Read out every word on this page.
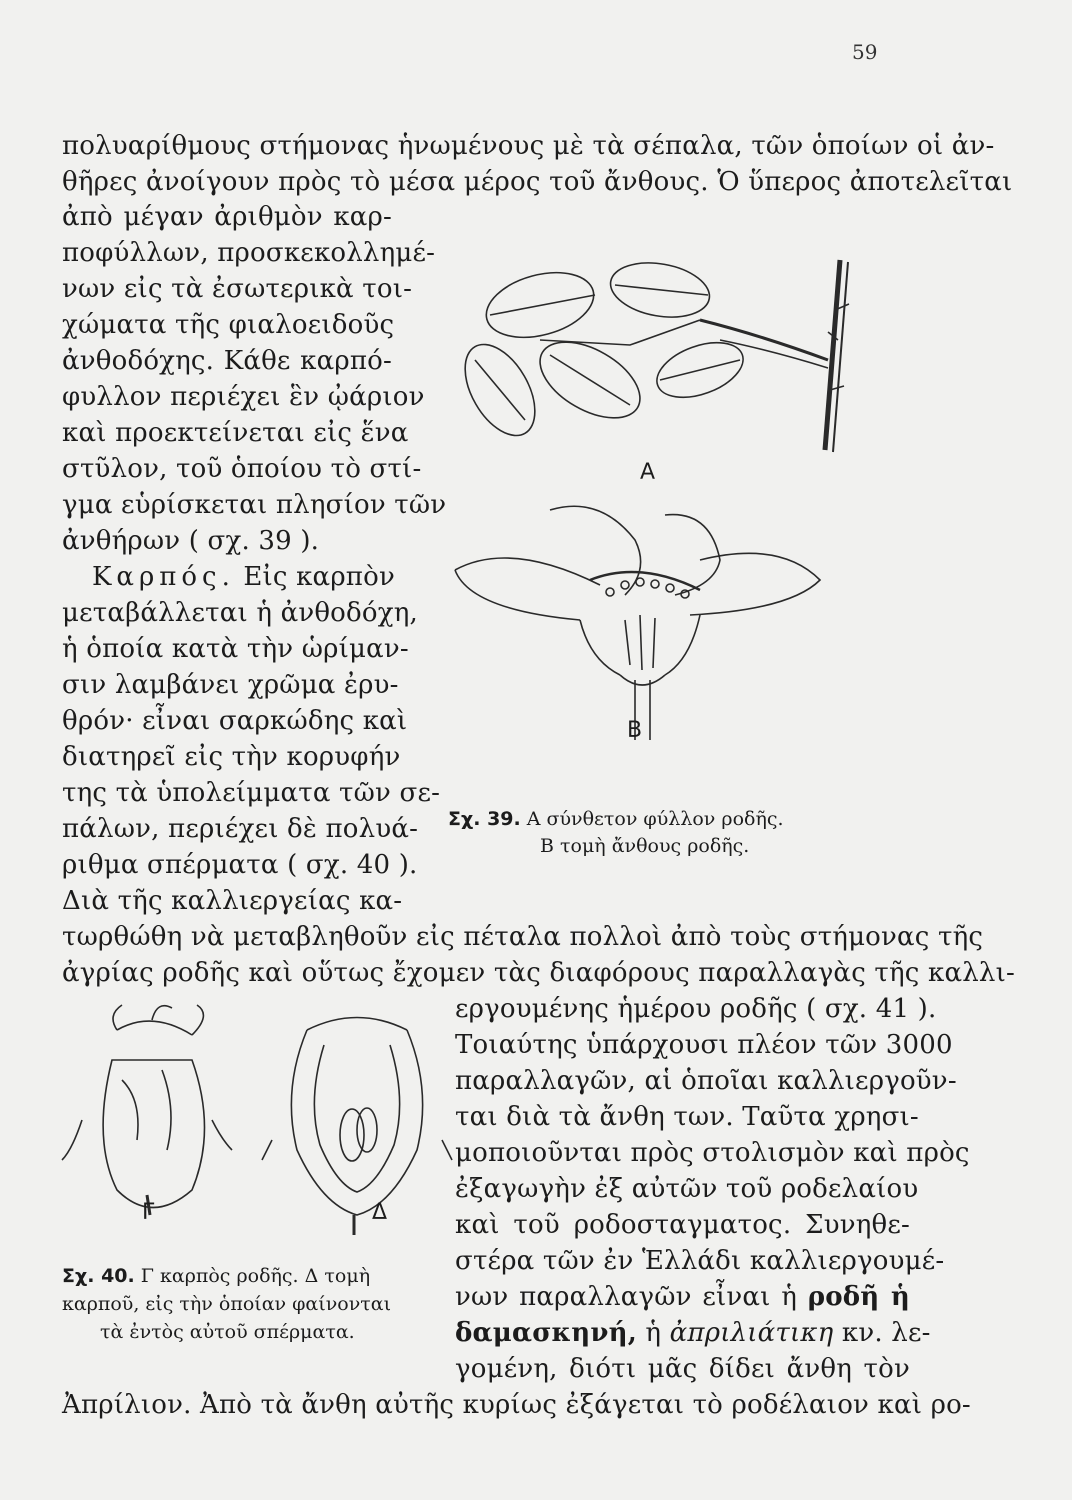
59
πολυαρίθμους στήμονας ἡνωμένους μὲ τὰ σέπαλα, τῶν ὁποίων οἱ ἀν-
θῆρες ἀνοίγουν πρὸς τὸ μέσα μέρος τοῦ ἄνθους. Ὁ ὕπερος ἀποτελεῖται
ἀπὸ μέγαν ἀριθμὸν καρ-
ποφύλλων, προσκεκολλημέ-
νων εἰς τὰ ἐσωτερικὰ τοι-
χώματα τῆς φιαλοειδοῦς
ἀνθοδόχης. Κάθε καρπό-
φυλλον περιέχει ἓν ᾠάριον
καὶ προεκτείνεται εἰς ἕνα
στῦλον, τοῦ ὁποίου τὸ στί-
γμα εὑρίσκεται πλησίον τῶν
ἀνθήρων ( σχ. 39 ).
Καρπός. Εἰς καρπὸν
μεταβάλλεται ἡ ἀνθοδόχη,
ἡ ὁποία κατὰ τὴν ὡρίμαν-
σιν λαμβάνει χρῶμα ἐρυ-
θρόν· εἶναι σαρκώδης καὶ
διατηρεῖ εἰς τὴν κορυφήν
της τὰ ὑπολείμματα τῶν σε-
πάλων, περιέχει δὲ πολυά-
ριθμα σπέρματα ( σχ. 40 ).
Διὰ τῆς καλλιεργείας κα-
τωρθώθη νὰ μεταβληθοῦν εἰς πέταλα πολλοὶ ἀπὸ τοὺς στήμονας τῆς
ἀγρίας ροδῆς καὶ οὕτως ἔχομεν τὰς διαφόρους παραλλαγὰς τῆς καλλι-
εργουμένης ἡμέρου ροδῆς ( σχ. 41 ).
Τοιαύτης ὑπάρχουσι πλέον τῶν 3000
παραλλαγῶν, αἱ ὁποῖαι καλλιεργοῦν-
ται διὰ τὰ ἄνθη των. Ταῦτα χρησι-
μοποιοῦνται πρὸς στολισμὸν καὶ πρὸς
ἐξαγωγὴν ἐξ αὐτῶν τοῦ ροδελαίου
καὶ τοῦ ροδοσταγματος. Συνηθε-
στέρα τῶν ἐν Ἑλλάδι καλλιεργουμέ-
νων παραλλαγῶν εἶναι ἡ ροδῆ ἡ
δαμασκηνή, ἡ ἀπριλιάτικη κν. λε-
γομένη, διότι μᾶς δίδει ἄνθη τὸν
Ἀπρίλιον. Ἀπὸ τὰ ἄνθη αὐτῆς κυρίως ἐξάγεται τὸ ροδέλαιον καὶ ρο-
Α
Β
Σχ. 39. Α σύνθετον φύλλον ροδῆς.
Β τομὴ ἄνθους ροδῆς.
Γ	Δ
Σχ. 40. Γ καρπὸς ροδῆς. Δ τομὴ
καρποῦ, εἰς τὴν ὁποίαν φαίνονται
τὰ ἐντὸς αὐτοῦ σπέρματα.
